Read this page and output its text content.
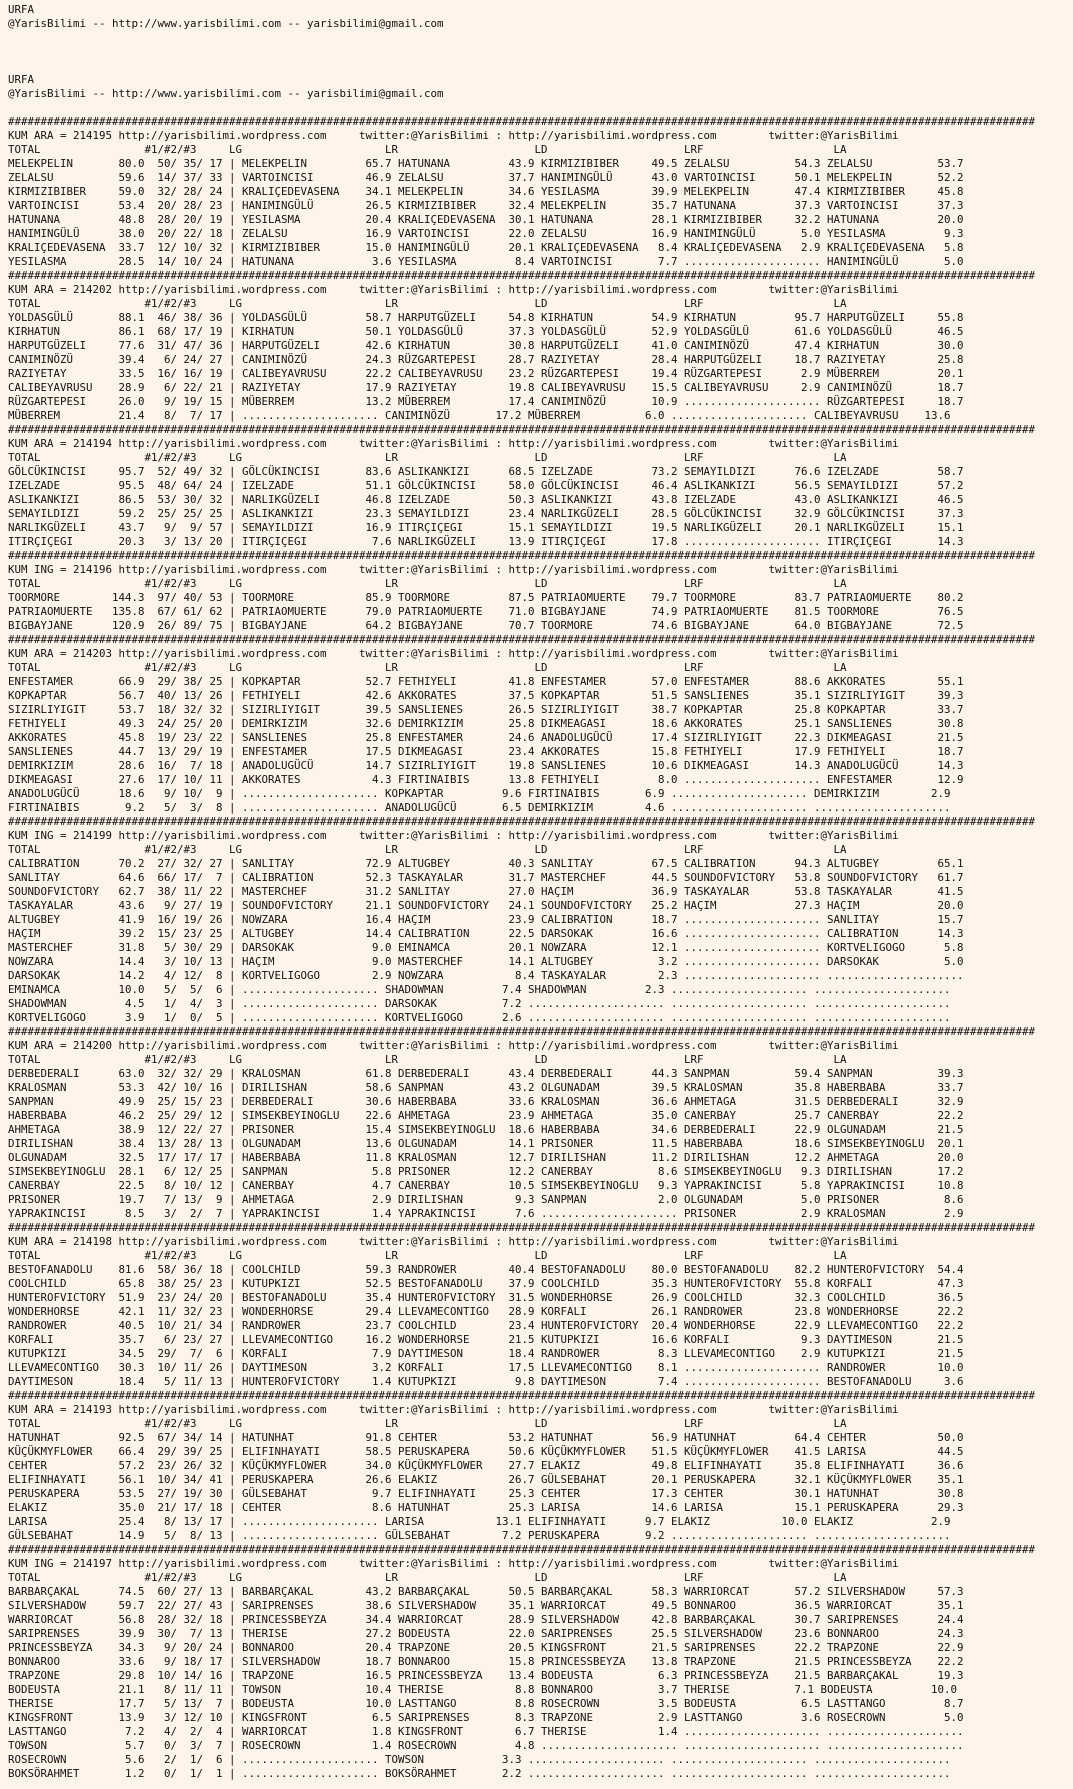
URFA
@YarisBilimi -- http://www.yarisbilimi.com -- yarisbilimi@gmail.com
URFA
@YarisBilimi -- http://www.yarisbilimi.com -- yarisbilimi@gmail.com
##############################################################################################################################################################
KUM ARA = 214195 http://yarisbilimi.wordpress.com     twitter:@YarisBilimi : http://yarisbilimi.wordpress.com        twitter:@YarisBilimi
TOTAL                #1/#2/#3     LG                      LR                     LD                     LRF                    LA
MELEKPELIN       80.0  50/ 35/ 17 | MELEKPELIN         65.7 HATUNANA         43.9 KIRMIZIBIBER     49.5 ZELALSU          54.3 ZELALSU          53.7
ZELALSU          59.6  14/ 37/ 33 | VARTOINCISI        46.9 ZELALSU          37.7 HANIMINGÜLÜ      43.0 VARTOINCISI      50.1 MELEKPELIN       52.2
KIRMIZIBIBER     59.0  32/ 28/ 24 | KRALIÇEDEVASENA    34.1 MELEKPELIN       34.6 YESILASMA        39.9 MELEKPELIN       47.4 KIRMIZIBIBER     45.8
VARTOINCISI      53.4  20/ 28/ 23 | HANIMINGÜLÜ        26.5 KIRMIZIBIBER     32.4 MELEKPELIN       35.7 HATUNANA         37.3 VARTOINCISI      37.3
HATUNANA         48.8  28/ 20/ 19 | YESILASMA          20.4 KRALIÇEDEVASENA  30.1 HATUNANA         28.1 KIRMIZIBIBER     32.2 HATUNANA         20.0
HANIMINGÜLÜ      38.0  20/ 22/ 18 | ZELALSU            16.9 VARTOINCISI      22.0 ZELALSU          16.9 HANIMINGÜLÜ       5.0 YESILASMA         9.3
KRALIÇEDEVASENA  33.7  12/ 10/ 32 | KIRMIZIBIBER       15.0 HANIMINGÜLÜ      20.1 KRALIÇEDEVASENA   8.4 KRALIÇEDEVASENA   2.9 KRALIÇEDEVASENA   5.8
YESILASMA        28.5  14/ 10/ 24 | HATUNANA            3.6 YESILASMA         8.4 VARTOINCISI       7.7 ..................... HANIMINGÜLÜ       5.0
##############################################################################################################################################################
KUM ARA = 214202 http://yarisbilimi.wordpress.com     twitter:@YarisBilimi : http://yarisbilimi.wordpress.com        twitter:@YarisBilimi
TOTAL                #1/#2/#3     LG                      LR                     LD                     LRF                    LA
YOLDASGÜLÜ       88.1  46/ 38/ 36 | YOLDASGÜLÜ         58.7 HARPUTGÜZELI     54.8 KIRHATUN         54.9 KIRHATUN         95.7 HARPUTGÜZELI     55.8
KIRHATUN         86.1  68/ 17/ 19 | KIRHATUN           50.1 YOLDASGÜLÜ       37.3 YOLDASGÜLÜ       52.9 YOLDASGÜLÜ       61.6 YOLDASGÜLÜ       46.5
HARPUTGÜZELI     77.6  31/ 47/ 36 | HARPUTGÜZELI       42.6 KIRHATUN         30.8 HARPUTGÜZELI     41.0 CANIMINÖZÜ       47.4 KIRHATUN         30.0
CANIMINÖZÜ       39.4   6/ 24/ 27 | CANIMINÖZÜ         24.3 RÜZGARTEPESI     28.7 RAZIYETAY        28.4 HARPUTGÜZELI     18.7 RAZIYETAY        25.8
RAZIYETAY        33.5  16/ 16/ 19 | CALIBEYAVRUSU      22.2 CALIBEYAVRUSU    23.2 RÜZGARTEPESI     19.4 RÜZGARTEPESI      2.9 MÜBERREM         20.1
CALIBEYAVRUSU    28.9   6/ 22/ 21 | RAZIYETAY          17.9 RAZIYETAY        19.8 CALIBEYAVRUSU    15.5 CALIBEYAVRUSU     2.9 CANIMINÖZÜ       18.7
RÜZGARTEPESI     26.0   9/ 19/ 15 | MÜBERREM           13.2 MÜBERREM         17.4 CANIMINÖZÜ       10.9 ..................... RÜZGARTEPESI     18.7
MÜBERREM         21.4   8/  7/ 17 | ..................... CANIMINÖZÜ       17.2 MÜBERREM          6.0 ..................... CALIBEYAVRUSU    13.6
##############################################################################################################################################################
KUM ARA = 214194 http://yarisbilimi.wordpress.com     twitter:@YarisBilimi : http://yarisbilimi.wordpress.com        twitter:@YarisBilimi
TOTAL                #1/#2/#3     LG                      LR                     LD                     LRF                    LA
GÖLCÜKINCISI     95.7  52/ 49/ 32 | GÖLCÜKINCISI       83.6 ASLIKANKIZI      68.5 IZELZADE         73.2 SEMAYILDIZI      76.6 IZELZADE         58.7
IZELZADE         95.5  48/ 64/ 24 | IZELZADE           51.1 GÖLCÜKINCISI     58.0 GÖLCÜKINCISI     46.4 ASLIKANKIZI      56.5 SEMAYILDIZI      57.2
ASLIKANKIZI      86.5  53/ 30/ 32 | NARLIKGÜZELI       46.8 IZELZADE         50.3 ASLIKANKIZI      43.8 IZELZADE         43.0 ASLIKANKIZI      46.5
SEMAYILDIZI      59.2  25/ 25/ 25 | ASLIKANKIZI        23.3 SEMAYILDIZI      23.4 NARLIKGÜZELI     28.5 GÖLCÜKINCISI     32.9 GÖLCÜKINCISI     37.3
NARLIKGÜZELI     43.7   9/  9/ 57 | SEMAYILDIZI        16.9 ITIRÇIÇEGI       15.1 SEMAYILDIZI      19.5 NARLIKGÜZELI     20.1 NARLIKGÜZELI     15.1
ITIRÇIÇEGI       20.3   3/ 13/ 20 | ITIRÇIÇEGI          7.6 NARLIKGÜZELI     13.9 ITIRÇIÇEGI       17.8 ..................... ITIRÇIÇEGI       14.3
##############################################################################################################################################################
KUM ING = 214196 http://yarisbilimi.wordpress.com     twitter:@YarisBilimi : http://yarisbilimi.wordpress.com        twitter:@YarisBilimi
TOTAL                #1/#2/#3     LG                      LR                     LD                     LRF                    LA
TOORMORE        144.3  97/ 40/ 53 | TOORMORE           85.9 TOORMORE         87.5 PATRIAOMUERTE    79.7 TOORMORE         83.7 PATRIAOMUERTE    80.2
PATRIAOMUERTE   135.8  67/ 61/ 62 | PATRIAOMUERTE      79.0 PATRIAOMUERTE    71.0 BIGBAYJANE       74.9 PATRIAOMUERTE    81.5 TOORMORE         76.5
BIGBAYJANE      120.9  26/ 89/ 75 | BIGBAYJANE         64.2 BIGBAYJANE       70.7 TOORMORE         74.6 BIGBAYJANE       64.0 BIGBAYJANE       72.5
##############################################################################################################################################################
KUM ARA = 214203 http://yarisbilimi.wordpress.com     twitter:@YarisBilimi : http://yarisbilimi.wordpress.com        twitter:@YarisBilimi
TOTAL                #1/#2/#3     LG                      LR                     LD                     LRF                    LA
ENFESTAMER       66.9  29/ 38/ 25 | KOPKAPTAR          52.7 FETHIYELI        41.8 ENFESTAMER       57.0 ENFESTAMER       88.6 AKKORATES        55.1
KOPKAPTAR        56.7  40/ 13/ 26 | FETHIYELI          42.6 AKKORATES        37.5 KOPKAPTAR        51.5 SANSLIENES       35.1 SIZIRLIYIGIT     39.3
SIZIRLIYIGIT     53.7  18/ 32/ 32 | SIZIRLIYIGIT       39.5 SANSLIENES       26.5 SIZIRLIYIGIT     38.7 KOPKAPTAR        25.8 KOPKAPTAR        33.7
FETHIYELI        49.3  24/ 25/ 20 | DEMIRKIZIM         32.6 DEMIRKIZIM       25.8 DIKMEAGASI       18.6 AKKORATES        25.1 SANSLIENES       30.8
AKKORATES        45.8  19/ 23/ 22 | SANSLIENES         25.8 ENFESTAMER       24.6 ANADOLUGÜCÜ      17.4 SIZIRLIYIGIT     22.3 DIKMEAGASI       21.5
SANSLIENES       44.7  13/ 29/ 19 | ENFESTAMER         17.5 DIKMEAGASI       23.4 AKKORATES        15.8 FETHIYELI        17.9 FETHIYELI        18.7
DEMIRKIZIM       28.6  16/  7/ 18 | ANADOLUGÜCÜ        14.7 SIZIRLIYIGIT     19.8 SANSLIENES       10.6 DIKMEAGASI       14.3 ANADOLUGÜCÜ      14.3
DIKMEAGASI       27.6  17/ 10/ 11 | AKKORATES           4.3 FIRTINAIBIS      13.8 FETHIYELI         8.0 ..................... ENFESTAMER       12.9
ANADOLUGÜCÜ      18.6   9/ 10/  9 | ..................... KOPKAPTAR         9.6 FIRTINAIBIS       6.9 ..................... DEMIRKIZIM        2.9
FIRTINAIBIS       9.2   5/  3/  8 | ..................... ANADOLUGÜCÜ       6.5 DEMIRKIZIM        4.6 ..................... .....................
##############################################################################################################################################################
KUM ING = 214199 http://yarisbilimi.wordpress.com     twitter:@YarisBilimi : http://yarisbilimi.wordpress.com        twitter:@YarisBilimi
TOTAL                #1/#2/#3     LG                      LR                     LD                     LRF                    LA
CALIBRATION      70.2  27/ 32/ 27 | SANLITAY           72.9 ALTUGBEY         40.3 SANLITAY         67.5 CALIBRATION      94.3 ALTUGBEY         65.1
SANLITAY         64.6  66/ 17/  7 | CALIBRATION        52.3 TASKAYALAR       31.7 MASTERCHEF       44.5 SOUNDOFVICTORY   53.8 SOUNDOFVICTORY   61.7
SOUNDOFVICTORY   62.7  38/ 11/ 22 | MASTERCHEF         31.2 SANLITAY         27.0 HAÇIM            36.9 TASKAYALAR       53.8 TASKAYALAR       41.5
TASKAYALAR       43.6   9/ 27/ 19 | SOUNDOFVICTORY     21.1 SOUNDOFVICTORY   24.1 SOUNDOFVICTORY   25.2 HAÇIM            27.3 HAÇIM            20.0
ALTUGBEY         41.9  16/ 19/ 26 | NOWZARA            16.4 HAÇIM            23.9 CALIBRATION      18.7 ..................... SANLITAY         15.7
HAÇIM            39.2  15/ 23/ 25 | ALTUGBEY           14.4 CALIBRATION      22.5 DARSOKAK         16.6 ..................... CALIBRATION      14.3
MASTERCHEF       31.8   5/ 30/ 29 | DARSOKAK            9.0 EMINAMCA         20.1 NOWZARA          12.1 ..................... KORTVELIGOGO      5.8
NOWZARA          14.4   3/ 10/ 13 | HAÇIM               9.0 MASTERCHEF       14.1 ALTUGBEY          3.2 ..................... DARSOKAK          5.0
DARSOKAK         14.2   4/ 12/  8 | KORTVELIGOGO        2.9 NOWZARA           8.4 TASKAYALAR        2.3 ..................... .....................
EMINAMCA         10.0   5/  5/  6 | ..................... SHADOWMAN         7.4 SHADOWMAN         2.3 ..................... .....................
SHADOWMAN         4.5   1/  4/  3 | ..................... DARSOKAK          7.2 ..................... ..................... .....................
KORTVELIGOGO      3.9   1/  0/  5 | ..................... KORTVELIGOGO      2.6 ..................... ..................... .....................
##############################################################################################################################################################
KUM ARA = 214200 http://yarisbilimi.wordpress.com     twitter:@YarisBilimi : http://yarisbilimi.wordpress.com        twitter:@YarisBilimi
TOTAL                #1/#2/#3     LG                      LR                     LD                     LRF                    LA
DERBEDERALI      63.0  32/ 32/ 29 | KRALOSMAN          61.8 DERBEDERALI      43.4 DERBEDERALI      44.3 SANPMAN          59.4 SANPMAN          39.3
KRALOSMAN        53.3  42/ 10/ 16 | DIRILISHAN         58.6 SANPMAN          43.2 OLGUNADAM        39.5 KRALOSMAN        35.8 HABERBABA        33.7
SANPMAN          49.9  25/ 15/ 23 | DERBEDERALI        30.6 HABERBABA        33.6 KRALOSMAN        36.6 AHMETAGA         31.5 DERBEDERALI      32.9
HABERBABA        46.2  25/ 29/ 12 | SIMSEKBEYINOGLU    22.6 AHMETAGA         23.9 AHMETAGA         35.0 CANERBAY         25.7 CANERBAY         22.2
AHMETAGA         38.9  12/ 22/ 27 | PRISONER           15.4 SIMSEKBEYINOGLU  18.6 HABERBABA        34.6 DERBEDERALI      22.9 OLGUNADAM        21.5
DIRILISHAN       38.4  13/ 28/ 13 | OLGUNADAM          13.6 OLGUNADAM        14.1 PRISONER         11.5 HABERBABA        18.6 SIMSEKBEYINOGLU  20.1
OLGUNADAM        32.5  17/ 17/ 17 | HABERBABA          11.8 KRALOSMAN        12.7 DIRILISHAN       11.2 DIRILISHAN       12.2 AHMETAGA         20.0
SIMSEKBEYINOGLU  28.1   6/ 12/ 25 | SANPMAN             5.8 PRISONER         12.2 CANERBAY          8.6 SIMSEKBEYINOGLU   9.3 DIRILISHAN       17.2
CANERBAY         22.5   8/ 10/ 12 | CANERBAY            4.7 CANERBAY         10.5 SIMSEKBEYINOGLU   9.3 YAPRAKINCISI      5.8 YAPRAKINCISI     10.8
PRISONER         19.7   7/ 13/  9 | AHMETAGA            2.9 DIRILISHAN        9.3 SANPMAN           2.0 OLGUNADAM         5.0 PRISONER          8.6
YAPRAKINCISI      8.5   3/  2/  7 | YAPRAKINCISI        1.4 YAPRAKINCISI      7.6 ..................... PRISONER          2.9 KRALOSMAN         2.9
##############################################################################################################################################################
KUM ARA = 214198 http://yarisbilimi.wordpress.com     twitter:@YarisBilimi : http://yarisbilimi.wordpress.com        twitter:@YarisBilimi
TOTAL                #1/#2/#3     LG                      LR                     LD                     LRF                    LA
BESTOFANADOLU    81.6  58/ 36/ 18 | COOLCHILD          59.3 RANDROWER        40.4 BESTOFANADOLU    80.0 BESTOFANADOLU    82.2 HUNTEROFVICTORY  54.4
COOLCHILD        65.8  38/ 25/ 23 | KUTUPKIZI          52.5 BESTOFANADOLU    37.9 COOLCHILD        35.3 HUNTEROFVICTORY  55.8 KORFALI          47.3
HUNTEROFVICTORY  51.9  23/ 24/ 20 | BESTOFANADOLU      35.4 HUNTEROFVICTORY  31.5 WONDERHORSE      26.9 COOLCHILD        32.3 COOLCHILD        36.5
WONDERHORSE      42.1  11/ 32/ 23 | WONDERHORSE        29.4 LLEVAMECONTIGO   28.9 KORFALI          26.1 RANDROWER        23.8 WONDERHORSE      22.2
RANDROWER        40.5  10/ 21/ 34 | RANDROWER          23.7 COOLCHILD        23.4 HUNTEROFVICTORY  20.4 WONDERHORSE      22.9 LLEVAMECONTIGO   22.2
KORFALI          35.7   6/ 23/ 27 | LLEVAMECONTIGO     16.2 WONDERHORSE      21.5 KUTUPKIZI        16.6 KORFALI           9.3 DAYTIMESON       21.5
KUTUPKIZI        34.5  29/  7/  6 | KORFALI             7.9 DAYTIMESON       18.4 RANDROWER         8.3 LLEVAMECONTIGO    2.9 KUTUPKIZI        21.5
LLEVAMECONTIGO   30.3  10/ 11/ 26 | DAYTIMESON          3.2 KORFALI          17.5 LLEVAMECONTIGO    8.1 ..................... RANDROWER        10.0
DAYTIMESON       18.4   5/ 11/ 13 | HUNTEROFVICTORY     1.4 KUTUPKIZI         9.8 DAYTIMESON        7.4 ..................... BESTOFANADOLU     3.6
##############################################################################################################################################################
KUM ARA = 214193 http://yarisbilimi.wordpress.com     twitter:@YarisBilimi : http://yarisbilimi.wordpress.com        twitter:@YarisBilimi
TOTAL                #1/#2/#3     LG                      LR                     LD                     LRF                    LA
HATUNHAT         92.5  67/ 34/ 14 | HATUNHAT           91.8 CEHTER           53.2 HATUNHAT         56.9 HATUNHAT         64.4 CEHTER           50.0
KÜÇÜKMYFLOWER    66.4  29/ 39/ 25 | ELIFINHAYATI       58.5 PERUSKAPERA      50.6 KÜÇÜKMYFLOWER    51.5 KÜÇÜKMYFLOWER    41.5 LARISA           44.5
CEHTER           57.2  23/ 26/ 32 | KÜÇÜKMYFLOWER      34.0 KÜÇÜKMYFLOWER    27.7 ELAKIZ           49.8 ELIFINHAYATI     35.8 ELIFINHAYATI     36.6
ELIFINHAYATI     56.1  10/ 34/ 41 | PERUSKAPERA        26.6 ELAKIZ           26.7 GÜLSEBAHAT       20.1 PERUSKAPERA      32.1 KÜÇÜKMYFLOWER    35.1
PERUSKAPERA      53.5  27/ 19/ 30 | GÜLSEBAHAT          9.7 ELIFINHAYATI     25.3 CEHTER           17.3 CEHTER           30.1 HATUNHAT         30.8
ELAKIZ           35.0  21/ 17/ 18 | CEHTER              8.6 HATUNHAT         25.3 LARISA           14.6 LARISA           15.1 PERUSKAPERA      29.3
LARISA           25.4   8/ 13/ 17 | ..................... LARISA           13.1 ELIFINHAYATI      9.7 ELAKIZ           10.0 ELAKIZ            2.9
GÜLSEBAHAT       14.9   5/  8/ 13 | ..................... GÜLSEBAHAT        7.2 PERUSKAPERA       9.2 ..................... .....................
##############################################################################################################################################################
KUM ING = 214197 http://yarisbilimi.wordpress.com     twitter:@YarisBilimi : http://yarisbilimi.wordpress.com        twitter:@YarisBilimi
TOTAL                #1/#2/#3     LG                      LR                     LD                     LRF                    LA
BARBARÇAKAL      74.5  60/ 27/ 13 | BARBARÇAKAL        43.2 BARBARÇAKAL      50.5 BARBARÇAKAL      58.3 WARRIORCAT       57.2 SILVERSHADOW     57.3
SILVERSHADOW     59.7  22/ 27/ 43 | SARIPRENSES        38.6 SILVERSHADOW     35.1 WARRIORCAT       49.5 BONNAROO         36.5 WARRIORCAT       35.1
WARRIORCAT       56.8  28/ 32/ 18 | PRINCESSBEYZA      34.4 WARRIORCAT       28.9 SILVERSHADOW     42.8 BARBARÇAKAL      30.7 SARIPRENSES      24.4
SARIPRENSES      39.9  30/  7/ 13 | THERISE            27.2 BODEUSTA         22.0 SARIPRENSES      25.5 SILVERSHADOW     23.6 BONNAROO         24.3
PRINCESSBEYZA    34.3   9/ 20/ 24 | BONNAROO           20.4 TRAPZONE         20.5 KINGSFRONT       21.5 SARIPRENSES      22.2 TRAPZONE         22.9
BONNAROO         33.6   9/ 18/ 17 | SILVERSHADOW       18.7 BONNAROO         15.8 PRINCESSBEYZA    13.8 TRAPZONE         21.5 PRINCESSBEYZA    22.2
TRAPZONE         29.8  10/ 14/ 16 | TRAPZONE           16.5 PRINCESSBEYZA    13.4 BODEUSTA          6.3 PRINCESSBEYZA    21.5 BARBARÇAKAL      19.3
BODEUSTA         21.1   8/ 11/ 11 | TOWSON             10.4 THERISE           8.8 BONNAROO          3.7 THERISE          7.1 BODEUSTA         10.0
THERISE          17.7   5/ 13/  7 | BODEUSTA           10.0 LASTTANGO         8.8 ROSECROWN         3.5 BODEUSTA          6.5 LASTTANGO         8.7
KINGSFRONT       13.9   3/ 12/ 10 | KINGSFRONT          6.5 SARIPRENSES       8.3 TRAPZONE          2.9 LASTTANGO         3.6 ROSECROWN         5.0
LASTTANGO         7.2   4/  2/  4 | WARRIORCAT          1.8 KINGSFRONT        6.7 THERISE           1.4 ..................... .....................
TOWSON            5.7   0/  3/  7 | ROSECROWN           1.4 ROSECROWN         4.8 ..................... ..................... .....................
ROSECROWN         5.6   2/  1/  6 | ..................... TOWSON            3.3 ..................... ..................... .....................
BOKSÖRAHMET       1.2   0/  1/  1 | ..................... BOKSÖRAHMET       2.2 ..................... ..................... .....................
